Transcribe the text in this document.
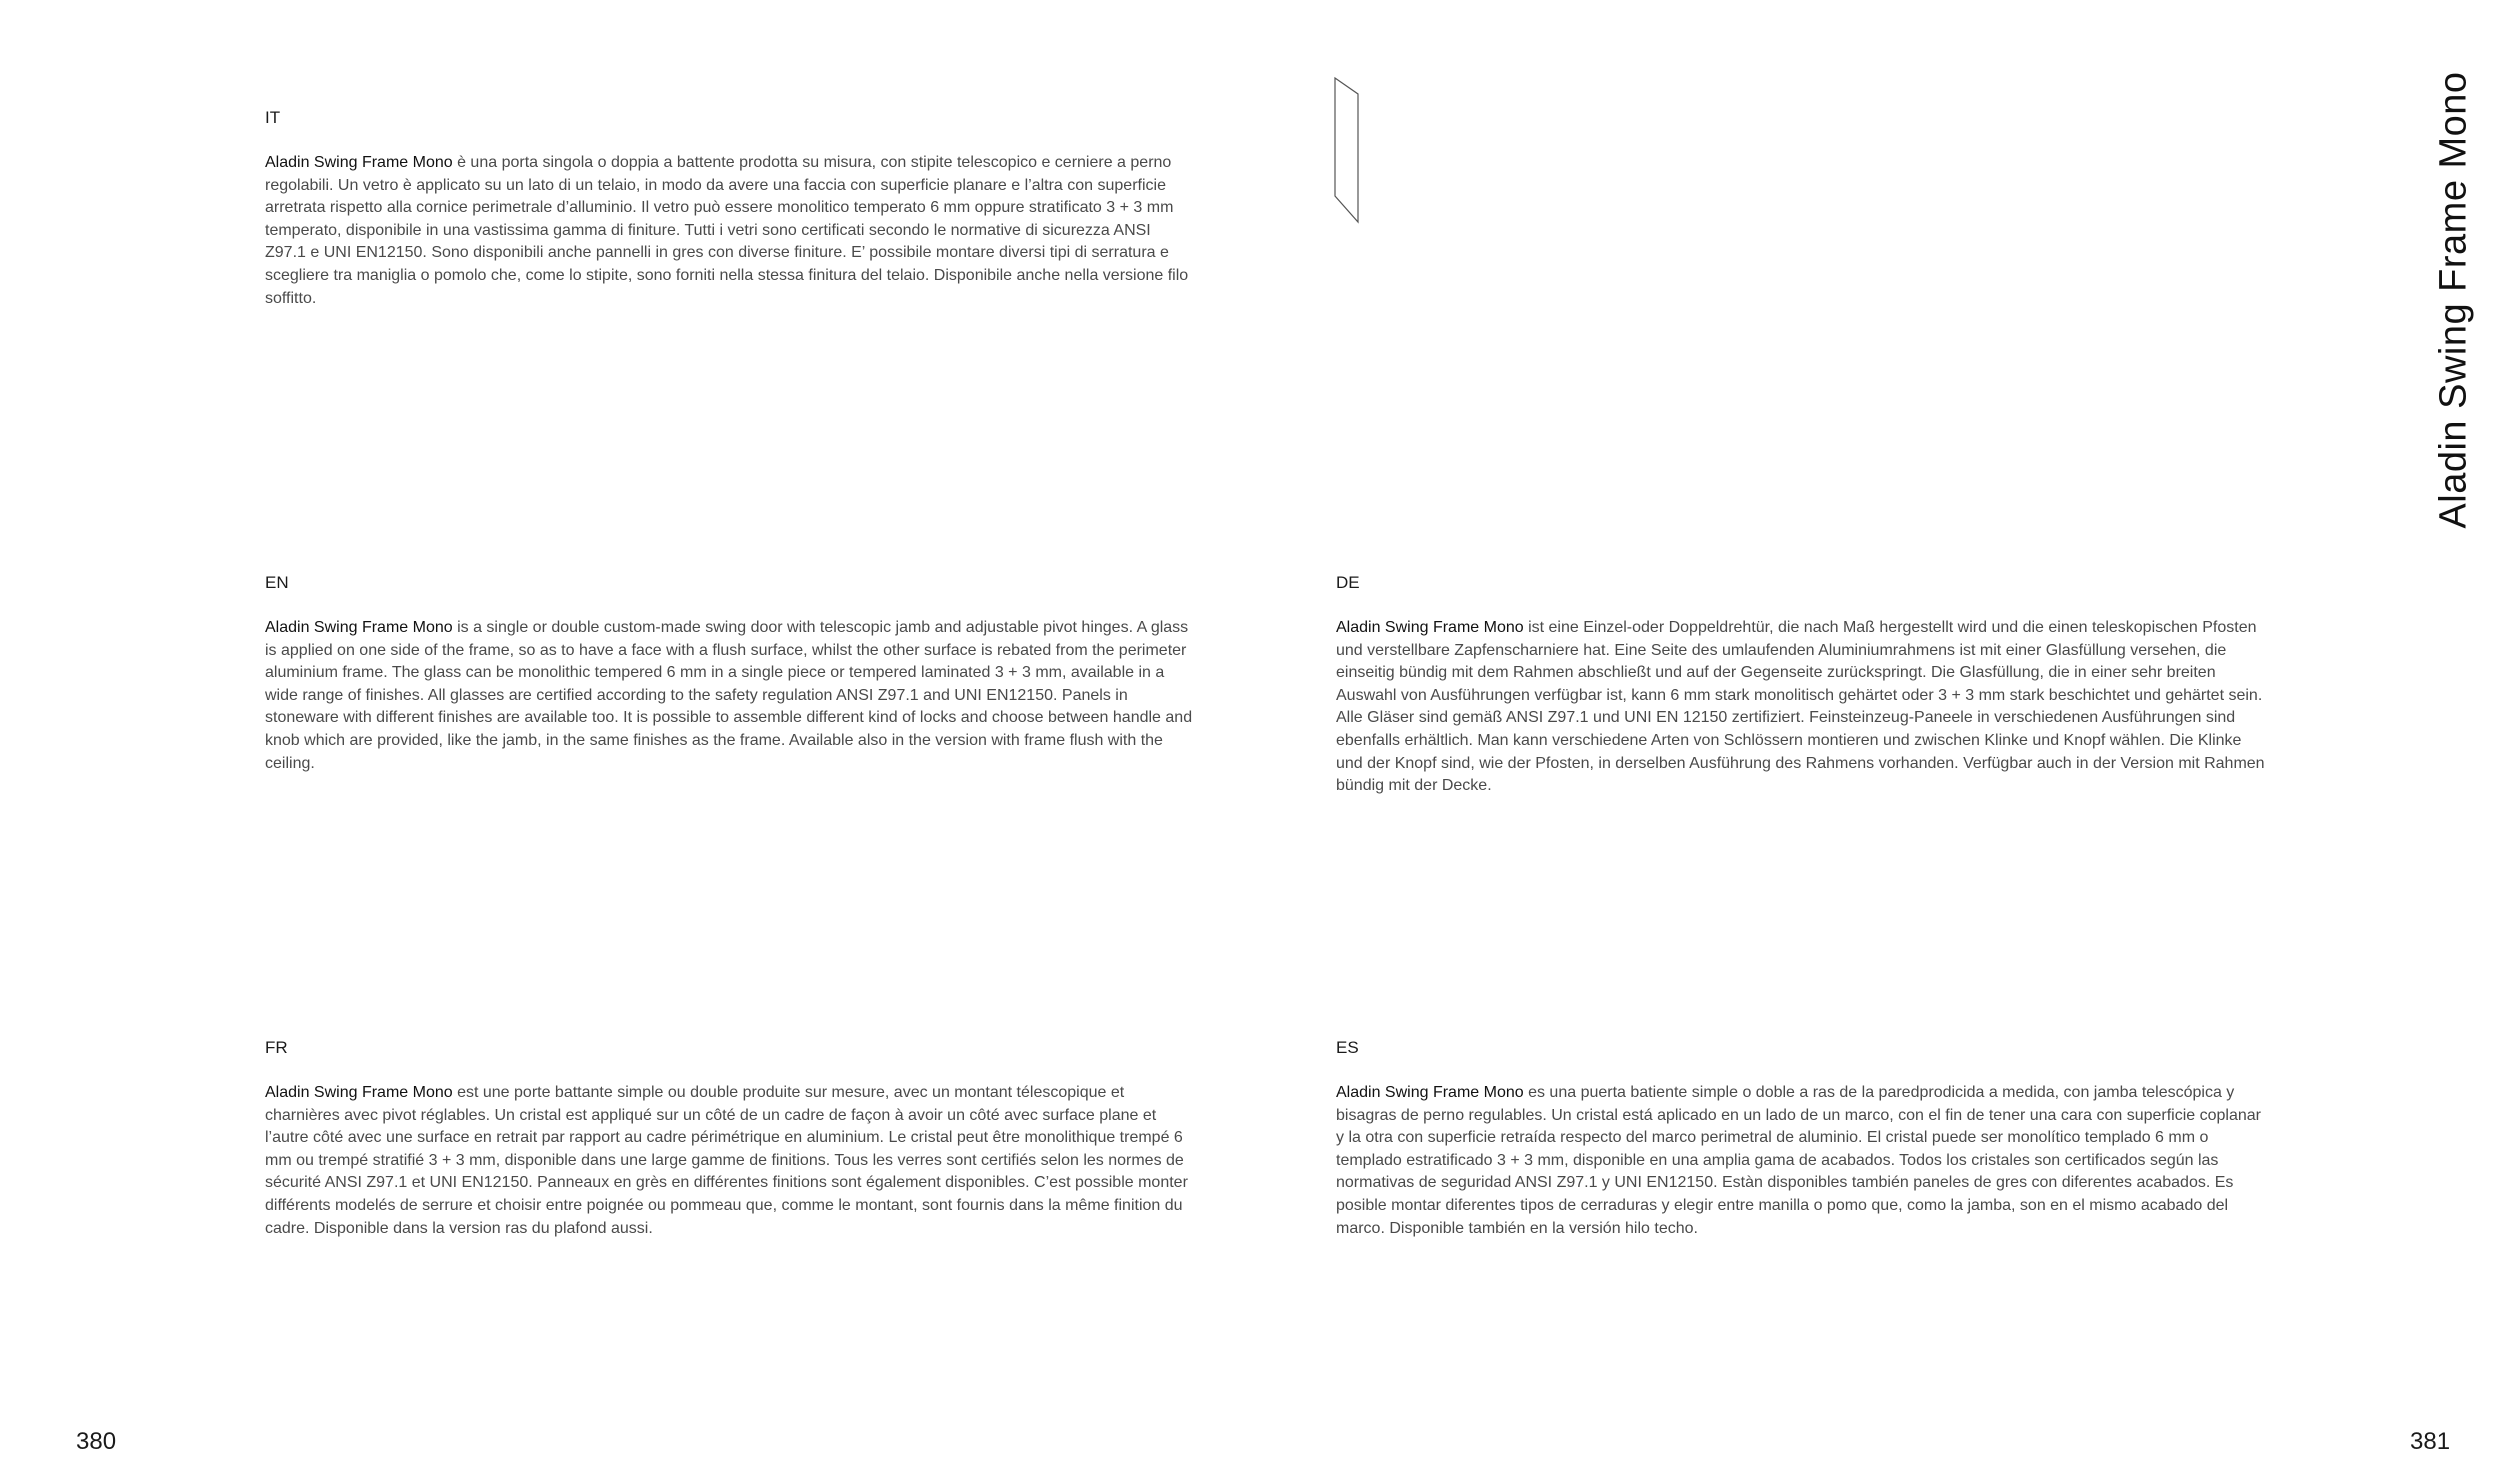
Aladin Swing Frame Mono
IT

Aladin Swing Frame Mono è una porta singola o doppia a battente prodotta su misura, con stipite telescopico e cerniere a perno regolabili. Un vetro è applicato su un lato di un telaio, in modo da avere una faccia con superficie planare e l’altra con superficie arretrata rispetto alla cornice perimetrale d’alluminio. Il vetro può essere monolitico temperato 6 mm oppure stratificato 3 + 3 mm temperato, disponibile in una vastissima gamma di finiture. Tutti i vetri sono certificati secondo le normative di sicurezza ANSI Z97.1 e UNI EN12150. Sono disponibili anche pannelli in gres con diverse finiture. E’ possibile montare diversi tipi di serratura e scegliere tra maniglia o pomolo che, come lo stipite, sono forniti nella stessa finitura del telaio. Disponibile anche nella versione filo soffitto.

EN

Aladin Swing Frame Mono is a single or double custom-made swing door with telescopic jamb and adjustable pivot hinges. A glass is applied on one side of the frame, so as to have a face with a flush surface, whilst the other surface is rebated from the perimeter aluminium frame. The glass can be monolithic tempered 6 mm in a single piece or tempered laminated 3 + 3 mm, available in a wide range of finishes. All glasses are certified according to the safety regulation ANSI Z97.1 and UNI EN12150. Panels in stoneware with different finishes are available too. It is possible to assemble different kind of locks and choose between handle and knob which are provided, like the jamb, in the same finishes as the frame. Available also in the version with frame flush with the ceiling.

DE

Aladin Swing Frame Mono ist eine Einzel-oder Doppeldrehtür, die nach Maß hergestellt wird und die einen teleskopischen Pfosten und verstellbare Zapfenscharniere hat. Eine Seite des umlaufenden Aluminiumrahmens ist mit einer Glasfüllung versehen, die einseitig bündig mit dem Rahmen abschließt und auf der Gegenseite zurückspringt. Die Glasfüllung, die in einer sehr breiten Auswahl von Ausführungen verfügbar ist, kann 6 mm stark monolitisch gehärtet oder 3 + 3 mm stark beschichtet und gehärtet sein. Alle Gläser sind gemäß ANSI Z97.1 und UNI EN 12150 zertifiziert. Feinsteinzeug-Paneele in verschiedenen Ausführungen sind ebenfalls erhältlich. Man kann verschiedene Arten von Schlössern montieren und zwischen Klinke und Knopf wählen. Die Klinke und der Knopf sind, wie der Pfosten, in derselben Ausführung des Rahmens vorhanden. Verfügbar auch in der Version mit Rahmen bündig mit der Decke.

FR

Aladin Swing Frame Mono est une porte battante simple ou double produite sur mesure, avec un montant télescopique et charnières avec pivot réglables. Un cristal est appliqué sur un côté de un cadre de façon à avoir un côté avec surface plane et l’autre côté avec une surface en retrait par rapport au cadre périmétrique en aluminium. Le cristal peut être monolithique trempé 6 mm ou trempé stratifié 3 + 3 mm, disponible dans une large gamme de finitions. Tous les verres sont certifiés selon les normes de sécurité ANSI Z97.1 et UNI EN12150. Panneaux en grès en différentes finitions sont également disponibles. C’est possible monter différents modelés de serrure et choisir entre poignée ou pommeau que, comme le montant, sont fournis dans la même finition du cadre. Disponible dans la version ras du plafond aussi.

ES

Aladin Swing Frame Mono es una puerta batiente simple o doble a ras de la paredprodicida a medida, con jamba telescópica y bisagras de perno regulables. Un cristal está aplicado en un lado de un marco, con el fin de tener una cara con superficie coplanar y la otra con superficie retraída respecto del marco perimetral de aluminio. El cristal puede ser monolítico templado 6 mm o templado estratificado 3 + 3 mm, disponible en una amplia gama de acabados. Todos los cristales son certificados según las normativas de seguridad ANSI Z97.1 y UNI EN12150. Estàn disponibles también paneles de gres con diferentes acabados. Es posible montar diferentes tipos de cerraduras y elegir entre manilla o pomo que, como la jamba, son en el mismo acabado del marco. Disponible también en la versión hilo techo.

380	381
